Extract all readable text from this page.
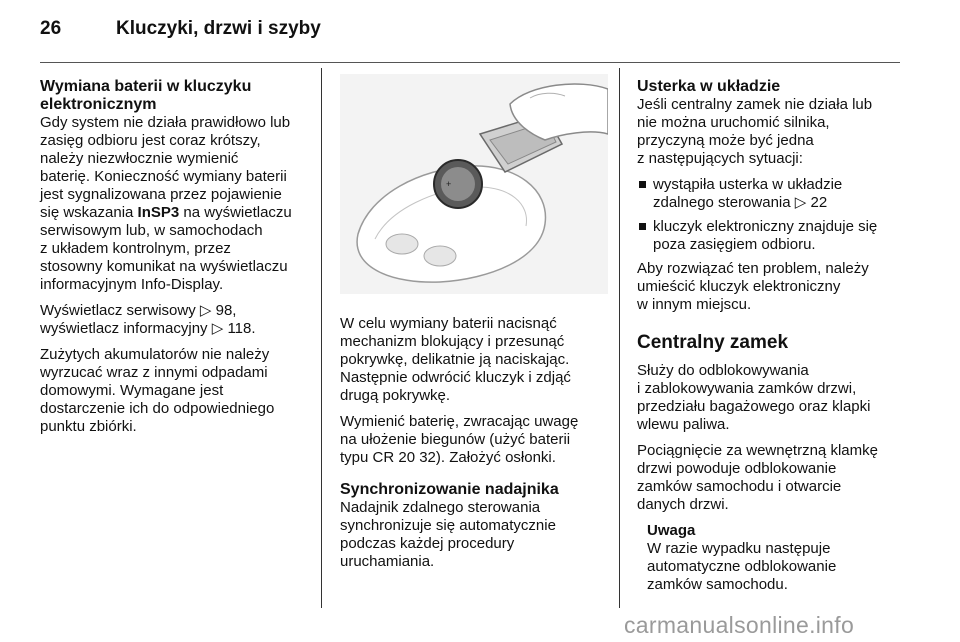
26	Kluczyki, drzwi i szyby
Wymiana baterii w kluczyku
elektronicznym
Gdy system nie działa prawidłowo lub
zasięg odbioru jest coraz krótszy,
należy niezwłocznie wymienić
baterię. Konieczność wymiany baterii
jest sygnalizowana przez pojawienie
się wskazania InSP3 na wyświetlaczu
serwisowym lub, w samochodach
z układem kontrolnym, przez
stosowny komunikat na wyświetlaczu
informacyjnym Info-Display.
Wyświetlacz serwisowy ▷ 98,
wyświetlacz informacyjny ▷ 118.
Zużytych akumulatorów nie należy
wyrzucać wraz z innymi odpadami
domowymi. Wymagane jest
dostarczenie ich do odpowiedniego
punktu zbiórki.
+
W celu wymiany baterii nacisnąć
mechanizm blokujący i przesunąć
pokrywkę, delikatnie ją naciskając.
Następnie odwrócić kluczyk i zdjąć
drugą pokrywkę.
Wymienić baterię, zwracając uwagę
na ułożenie biegunów (użyć baterii
typu CR 20 32). Założyć osłonki.
Synchronizowanie nadajnika
Nadajnik zdalnego sterowania
synchronizuje się automatycznie
podczas każdej procedury
uruchamiania.
Usterka w układzie
Jeśli centralny zamek nie działa lub
nie można uruchomić silnika,
przyczyną może być jedna
z następujących sytuacji:
wystąpiła usterka w układzie
zdalnego sterowania ▷ 22
kluczyk elektroniczny znajduje się
poza zasięgiem odbioru.
Aby rozwiązać ten problem, należy
umieścić kluczyk elektroniczny
w innym miejscu.
Centralny zamek
Służy do odblokowywania
i zablokowywania zamków drzwi,
przedziału bagażowego oraz klapki
wlewu paliwa.
Pociągnięcie za wewnętrzną klamkę
drzwi powoduje odblokowanie
zamków samochodu i otwarcie
danych drzwi.
Uwaga
W razie wypadku następuje
automatyczne odblokowanie
zamków samochodu.
carmanualsonline.info
